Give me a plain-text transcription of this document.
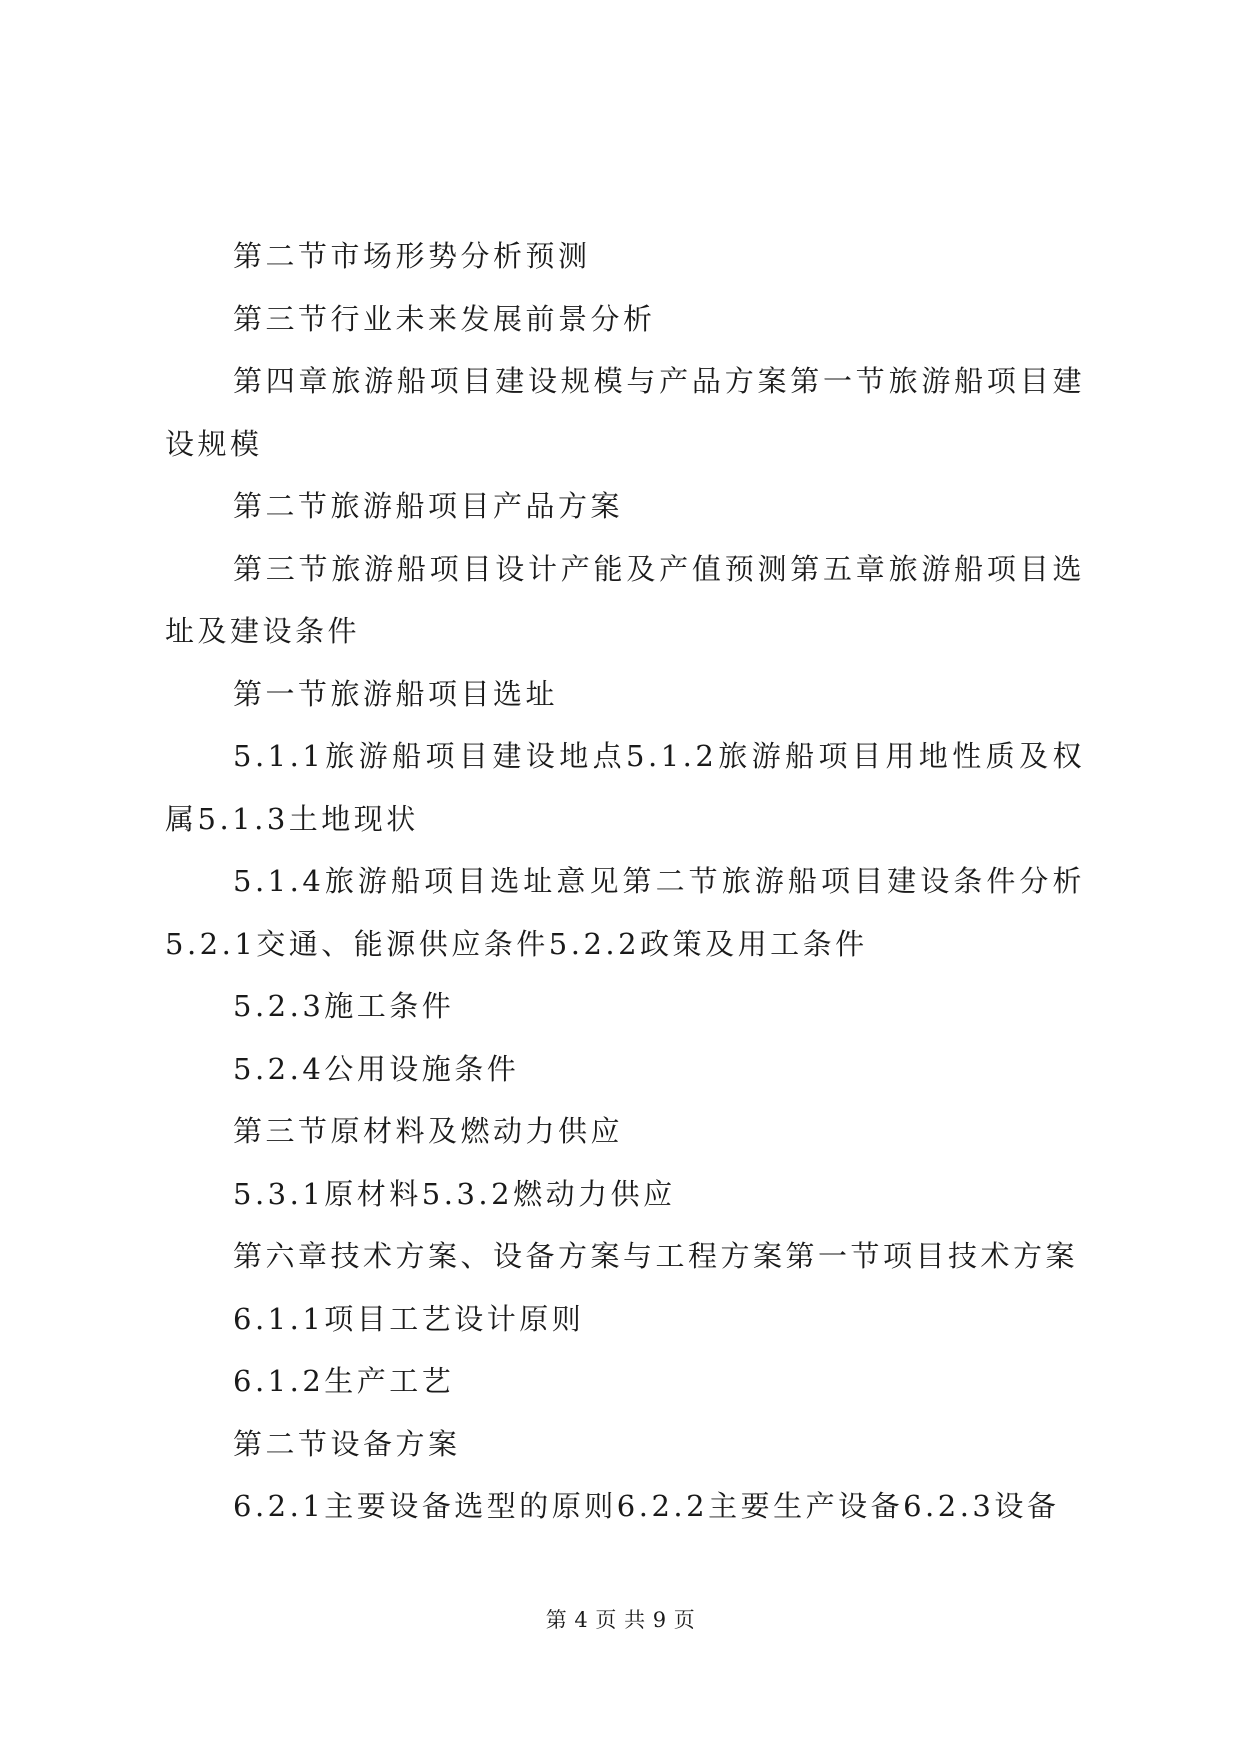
第二节市场形势分析预测

第三节行业未来发展前景分析

第四章旅游船项目建设规模与产品方案第一节旅游船项目建设规模

第二节旅游船项目产品方案

第三节旅游船项目设计产能及产值预测第五章旅游船项目选址及建设条件

第一节旅游船项目选址

5.1.1旅游船项目建设地点5.1.2旅游船项目用地性质及权属5.1.3土地现状

5.1.4旅游船项目选址意见第二节旅游船项目建设条件分析5.2.1交通、能源供应条件5.2.2政策及用工条件

5.2.3施工条件

5.2.4公用设施条件

第三节原材料及燃动力供应

5.3.1原材料5.3.2燃动力供应

第六章技术方案、设备方案与工程方案第一节项目技术方案

6.1.1项目工艺设计原则

6.1.2生产工艺

第二节设备方案

6.2.1主要设备选型的原则6.2.2主要生产设备6.2.3设备

第 4 页 共 9 页
